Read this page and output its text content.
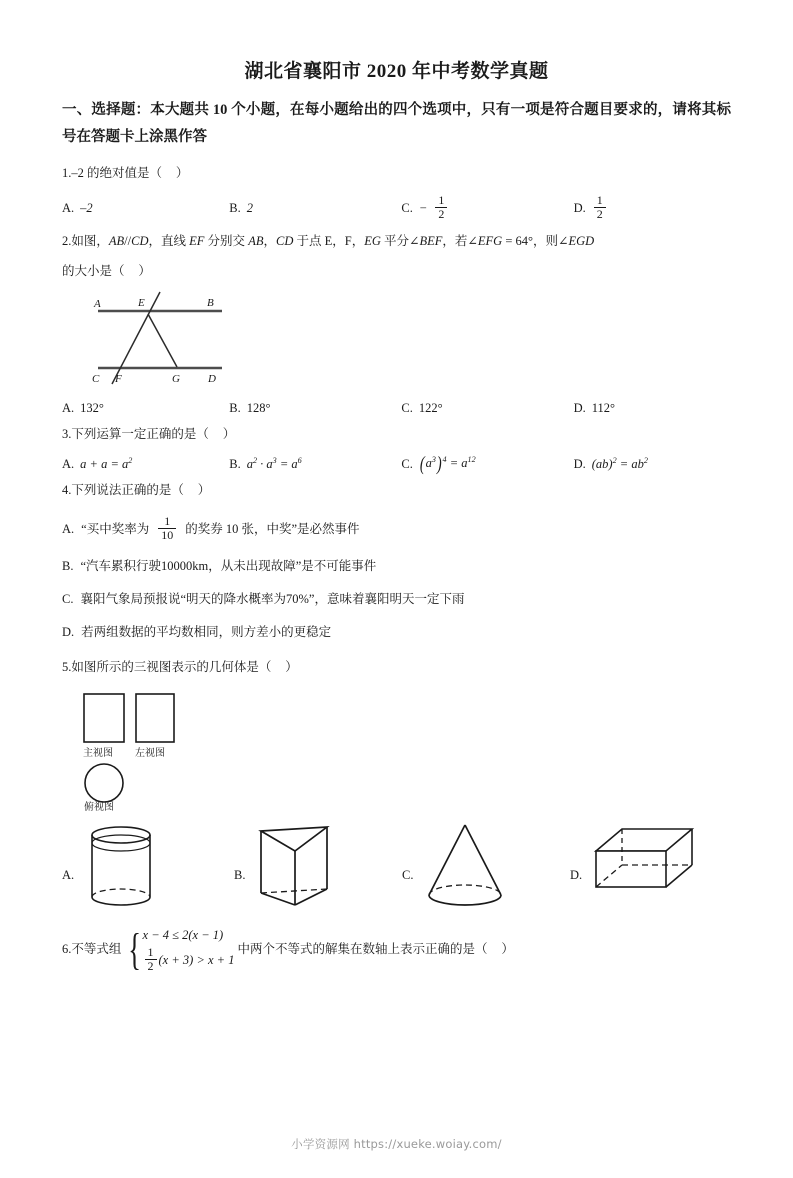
湖北省襄阳市 2020 年中考数学真题
一、选择题：本大题共 10 个小题，在每小题给出的四个选项中，只有一项是符合题目要求的，请将其标号在答题卡上涂黑作答
1.–2 的绝对值是（ ）
A. –2	B. 2	C. − $\frac{1}{2}$	D. $\frac{1}{2}$
2.如图，AB//CD，直线 EF 分别交 AB，CD 于点 E，F，EG 平分∠BEF，若∠EFG = 64°，则∠EGD
的大小是（ ）
A	E	B
C F	G	D
A. 132°	B. 128°	C. 122°	D. 112°
3.下列运算一定正确的是（ ）
A. $a + a = a^2$	B. $a^2 \cdot a^3 = a^6$	C. $(a^3)^4 = a^{12}$	D. $(ab)^2 = ab^2$
4.下列说法正确的是（ ）
A. “买中奖率为 $\frac{1}{10}$ 的奖券 10 张，中奖”是必然事件
B. “汽车累积行驶10000km，从未出现故障”是不可能事件
C. 襄阳气象局预报说“明天的降水概率为70%”，意味着襄阳明天一定下雨
D. 若两组数据的平均数相同，则方差小的更稳定
5.如图所示的三视图表示的几何体是（ ）
主视图 左视图
俯视图
A.	B.	C.	D.
6.不等式组 { x − 4 ≤ 2(x − 1)
$\frac{1}{2} (x + 3) > x + 1$
中两个不等式的解集在数轴上表示正确的是（ ）
小学资源网 https://xueke.woiay.com/
